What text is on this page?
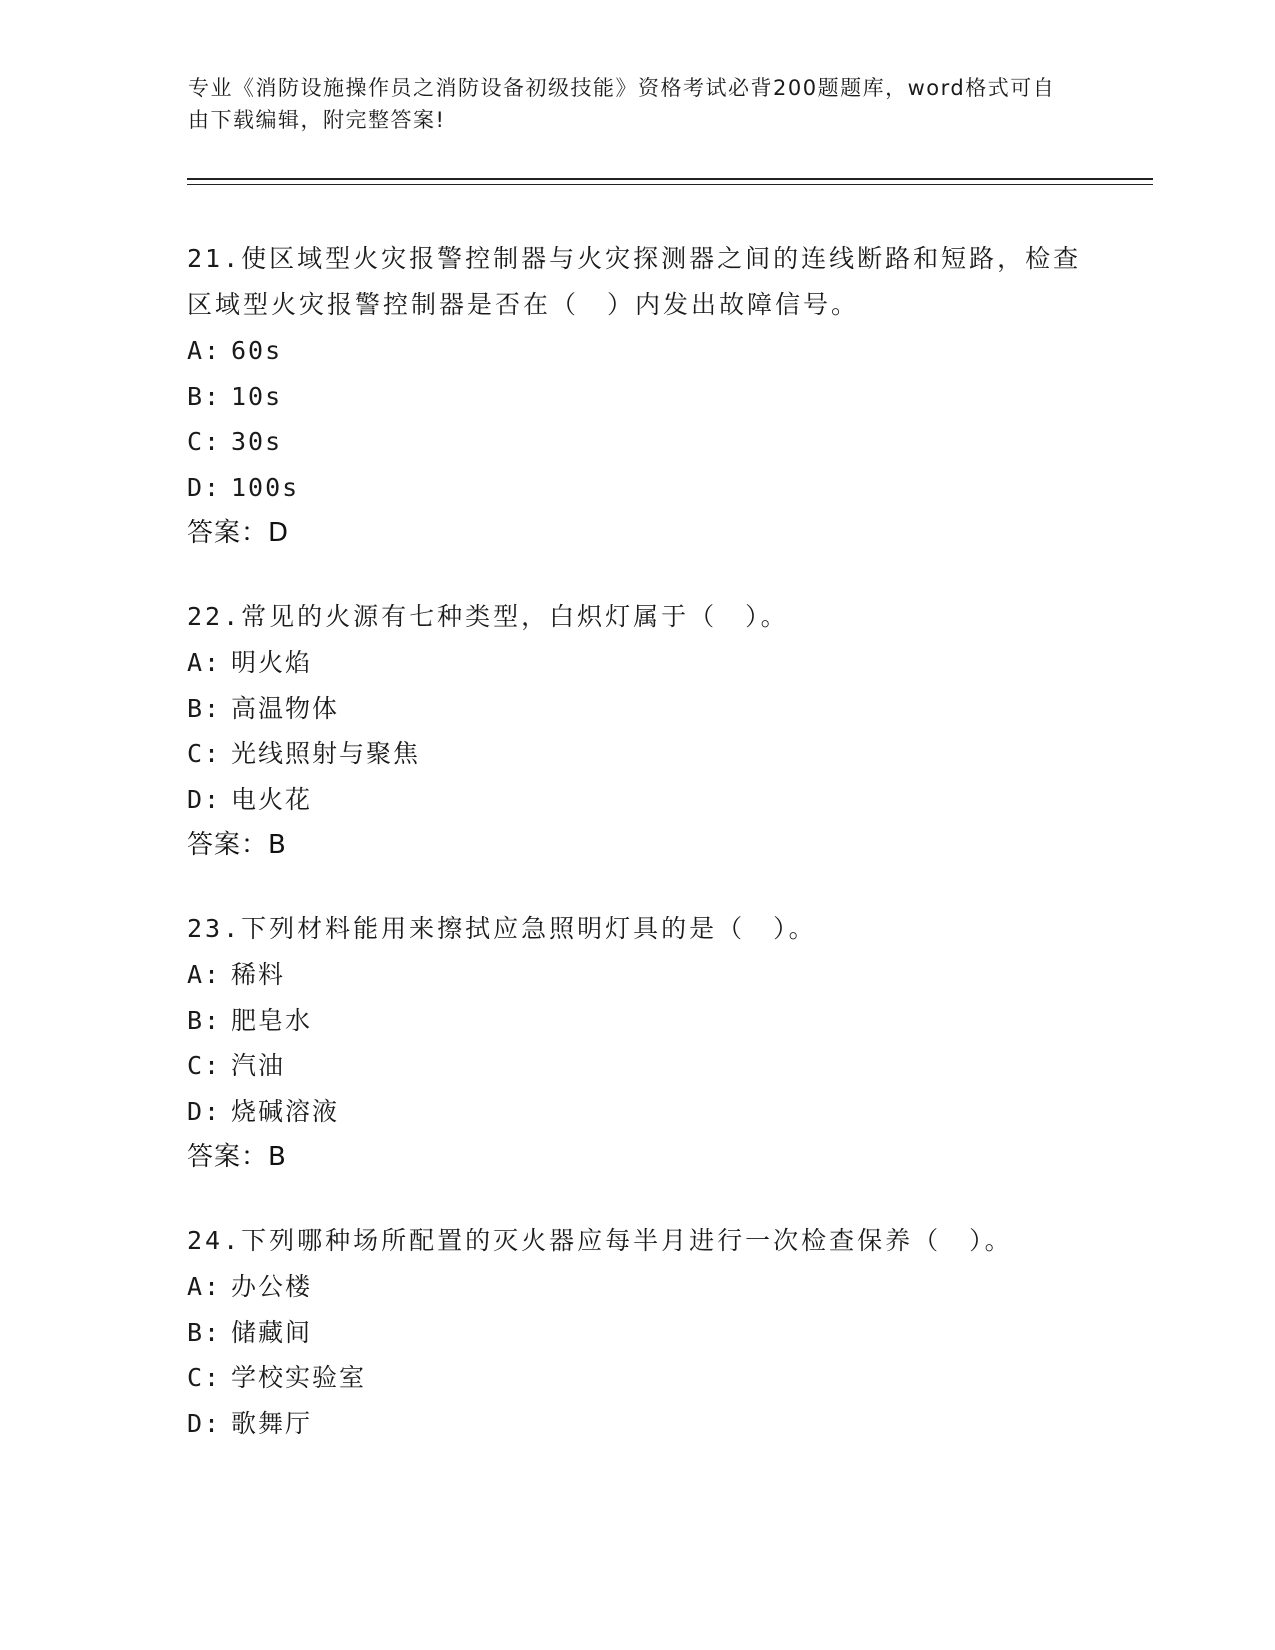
专业《消防设施操作员之消防设备初级技能》资格考试必背200题题库，word格式可自由下载编辑，附完整答案!

21.使区域型火灾报警控制器与火灾探测器之间的连线断路和短路，检查区域型火灾报警控制器是否在（　）内发出故障信号。

A: 60s

B: 10s

C: 30s

D: 100s

答案：D

22.常见的火源有七种类型，白炽灯属于（　）。

A: 明火焰

B: 高温物体

C: 光线照射与聚焦

D: 电火花

答案：B

23.下列材料能用来擦拭应急照明灯具的是（　）。

A: 稀料

B: 肥皂水

C: 汽油

D: 烧碱溶液

答案：B

24.下列哪种场所配置的灭火器应每半月进行一次检查保养（　）。

A: 办公楼

B: 储藏间

C: 学校实验室

D: 歌舞厅
